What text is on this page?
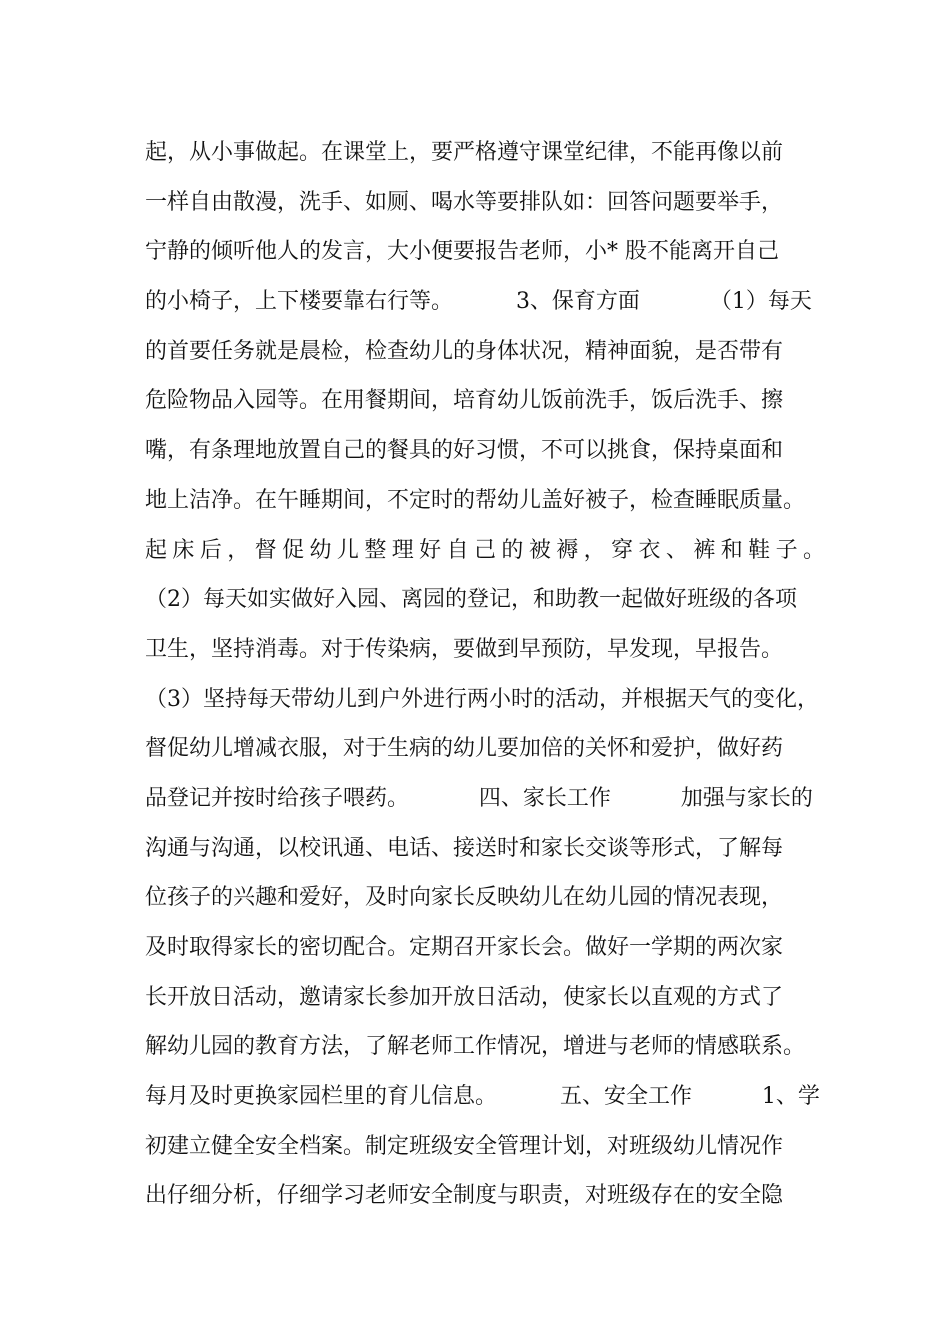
起，从小事做起。在课堂上，要严格遵守课堂纪律，不能再像以前
一样自由散漫，洗手、如厕、喝水等要排队如：回答问题要举手，
宁静的倾听他人的发言，大小便要报告老师，小* 股不能离开自己
的小椅子，上下楼要靠右行等。         3、保育方面          （1）每天
的首要任务就是晨检，检查幼儿的身体状况，精神面貌，是否带有
危险物品入园等。在用餐期间，培育幼儿饭前洗手，饭后洗手、擦
嘴，有条理地放置自己的餐具的好习惯，不可以挑食，保持桌面和
地上洁净。在午睡期间，不定时的帮幼儿盖好被子，检查睡眠质量。
起床后，督促幼儿整理好自己的被褥，穿衣、裤和鞋子。
（2）每天如实做好入园、离园的登记，和助教一起做好班级的各项
卫生，坚持消毒。对于传染病，要做到早预防，早发现，早报告。
（3）坚持每天带幼儿到户外进行两小时的活动，并根据天气的变化，
督促幼儿增减衣服，对于生病的幼儿要加倍的关怀和爱护，做好药
品登记并按时给孩子喂药。          四、家长工作          加强与家长的
沟通与沟通，以校讯通、电话、接送时和家长交谈等形式，了解每
位孩子的兴趣和爱好，及时向家长反映幼儿在幼儿园的情况表现，
及时取得家长的密切配合。定期召开家长会。做好一学期的两次家
长开放日活动，邀请家长参加开放日活动，使家长以直观的方式了
解幼儿园的教育方法，了解老师工作情况，增进与老师的情感联系。
每月及时更换家园栏里的育儿信息。         五、安全工作          1、学
初建立健全安全档案。制定班级安全管理计划，对班级幼儿情况作
出仔细分析，仔细学习老师安全制度与职责，对班级存在的安全隐
